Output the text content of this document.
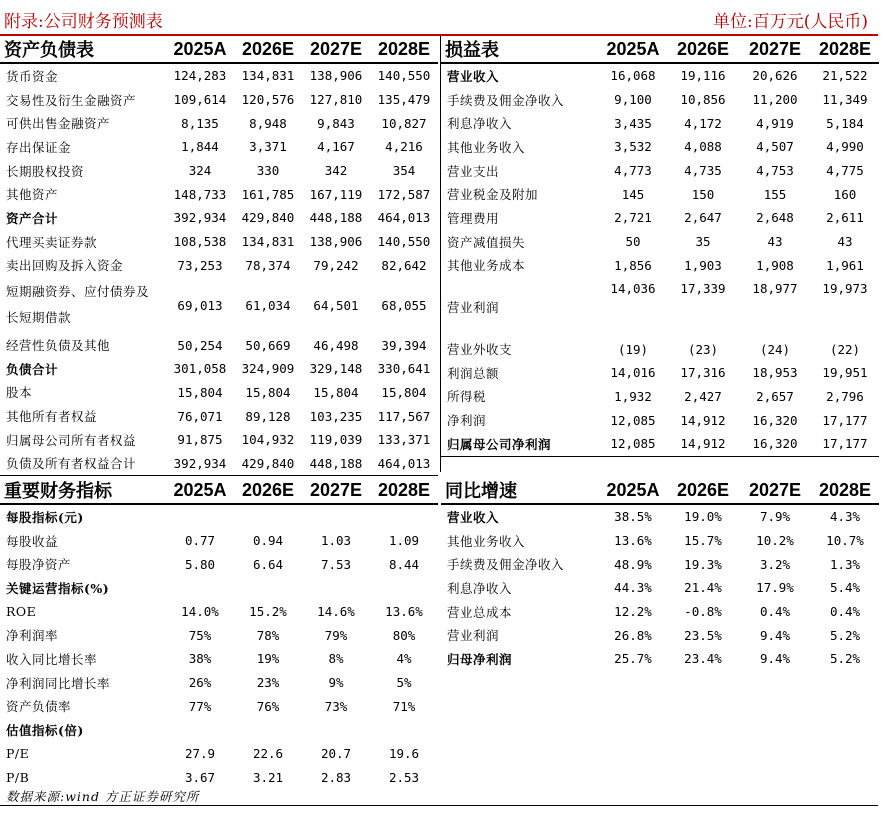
附录:公司财务预测表	单位:百万元(人民币)
资产负债表	2025A	2026E	2027E	2028E
货币资金	124,283	134,831	138,906	140,550
交易性及衍生金融资产	109,614	120,576	127,810	135,479
可供出售金融资产	8,135	8,948	9,843	10,827
存出保证金	1,844	3,371	4,167	4,216
长期股权投资	324	330	342	354
其他资产	148,733	161,785	167,119	172,587
资产合计	392,934	429,840	448,188	464,013
代理买卖证券款	108,538	134,831	138,906	140,550
卖出回购及拆入资金	73,253	78,374	79,242	82,642

短期融资券、应付债券及
长短期借款	69,013	61,034	64,501	68,055
经营性负债及其他	50,254	50,669	46,498	39,394
负债合计	301,058	324,909	329,148	330,641
股本	15,804	15,804	15,804	15,804
其他所有者权益	76,071	89,128	103,235	117,567
归属母公司所有者权益	91,875	104,932	119,039	133,371
负债及所有者权益合计	392,934	429,840	448,188	464,013
损益表	2025A	2026E	2027E	2028E
营业收入	16,068	19,116	20,626	21,522
手续费及佣金净收入	9,100	10,856	11,200	11,349
利息净收入	3,435	4,172	4,919	5,184
其他业务收入	3,532	4,088	4,507	4,990
营业支出	4,773	4,735	4,753	4,775
营业税金及附加	145	150	155	160
管理费用	2,721	2,647	2,648	2,611
资产减值损失	50	35	43	43
其他业务成本	1,856	1,903	1,908	1,961
营业利润	14,036	17,339	18,977	19,973
营业外收支	(19)	(23)	(24)	(22)
利润总额	14,016	17,316	18,953	19,951
所得税	1,932	2,427	2,657	2,796
净利润	12,085	14,912	16,320	17,177
归属母公司净利润	12,085	14,912	16,320	17,177
重要财务指标	2025A	2026E	2027E	2028E
每股指标(元)				
每股收益	0.77	0.94	1.03	1.09
每股净资产	5.80	6.64	7.53	8.44
关键运营指标(%)				
ROE	14.0%	15.2%	14.6%	13.6%
净利润率	75%	78%	79%	80%
收入同比增长率	38%	19%	8%	4%
净利润同比增长率	26%	23%	9%	5%
资产负债率	77%	76%	73%	71%
估值指标(倍)				
P/E	27.9	22.6	20.7	19.6
P/B	3.67	3.21	2.83	2.53
同比增速	2025A	2026E	2027E	2028E
营业收入	38.5%	19.0%	7.9%	4.3%
其他业务收入	13.6%	15.7%	10.2%	10.7%
手续费及佣金净收入	48.9%	19.3%	3.2%	1.3%
利息净收入	44.3%	21.4%	17.9%	5.4%
营业总成本	12.2%	-0.8%	0.4%	0.4%
营业利润	26.8%	23.5%	9.4%	5.2%
归母净利润	25.7%	23.4%	9.4%	5.2%
数据来源:wind 方正证券研究所
